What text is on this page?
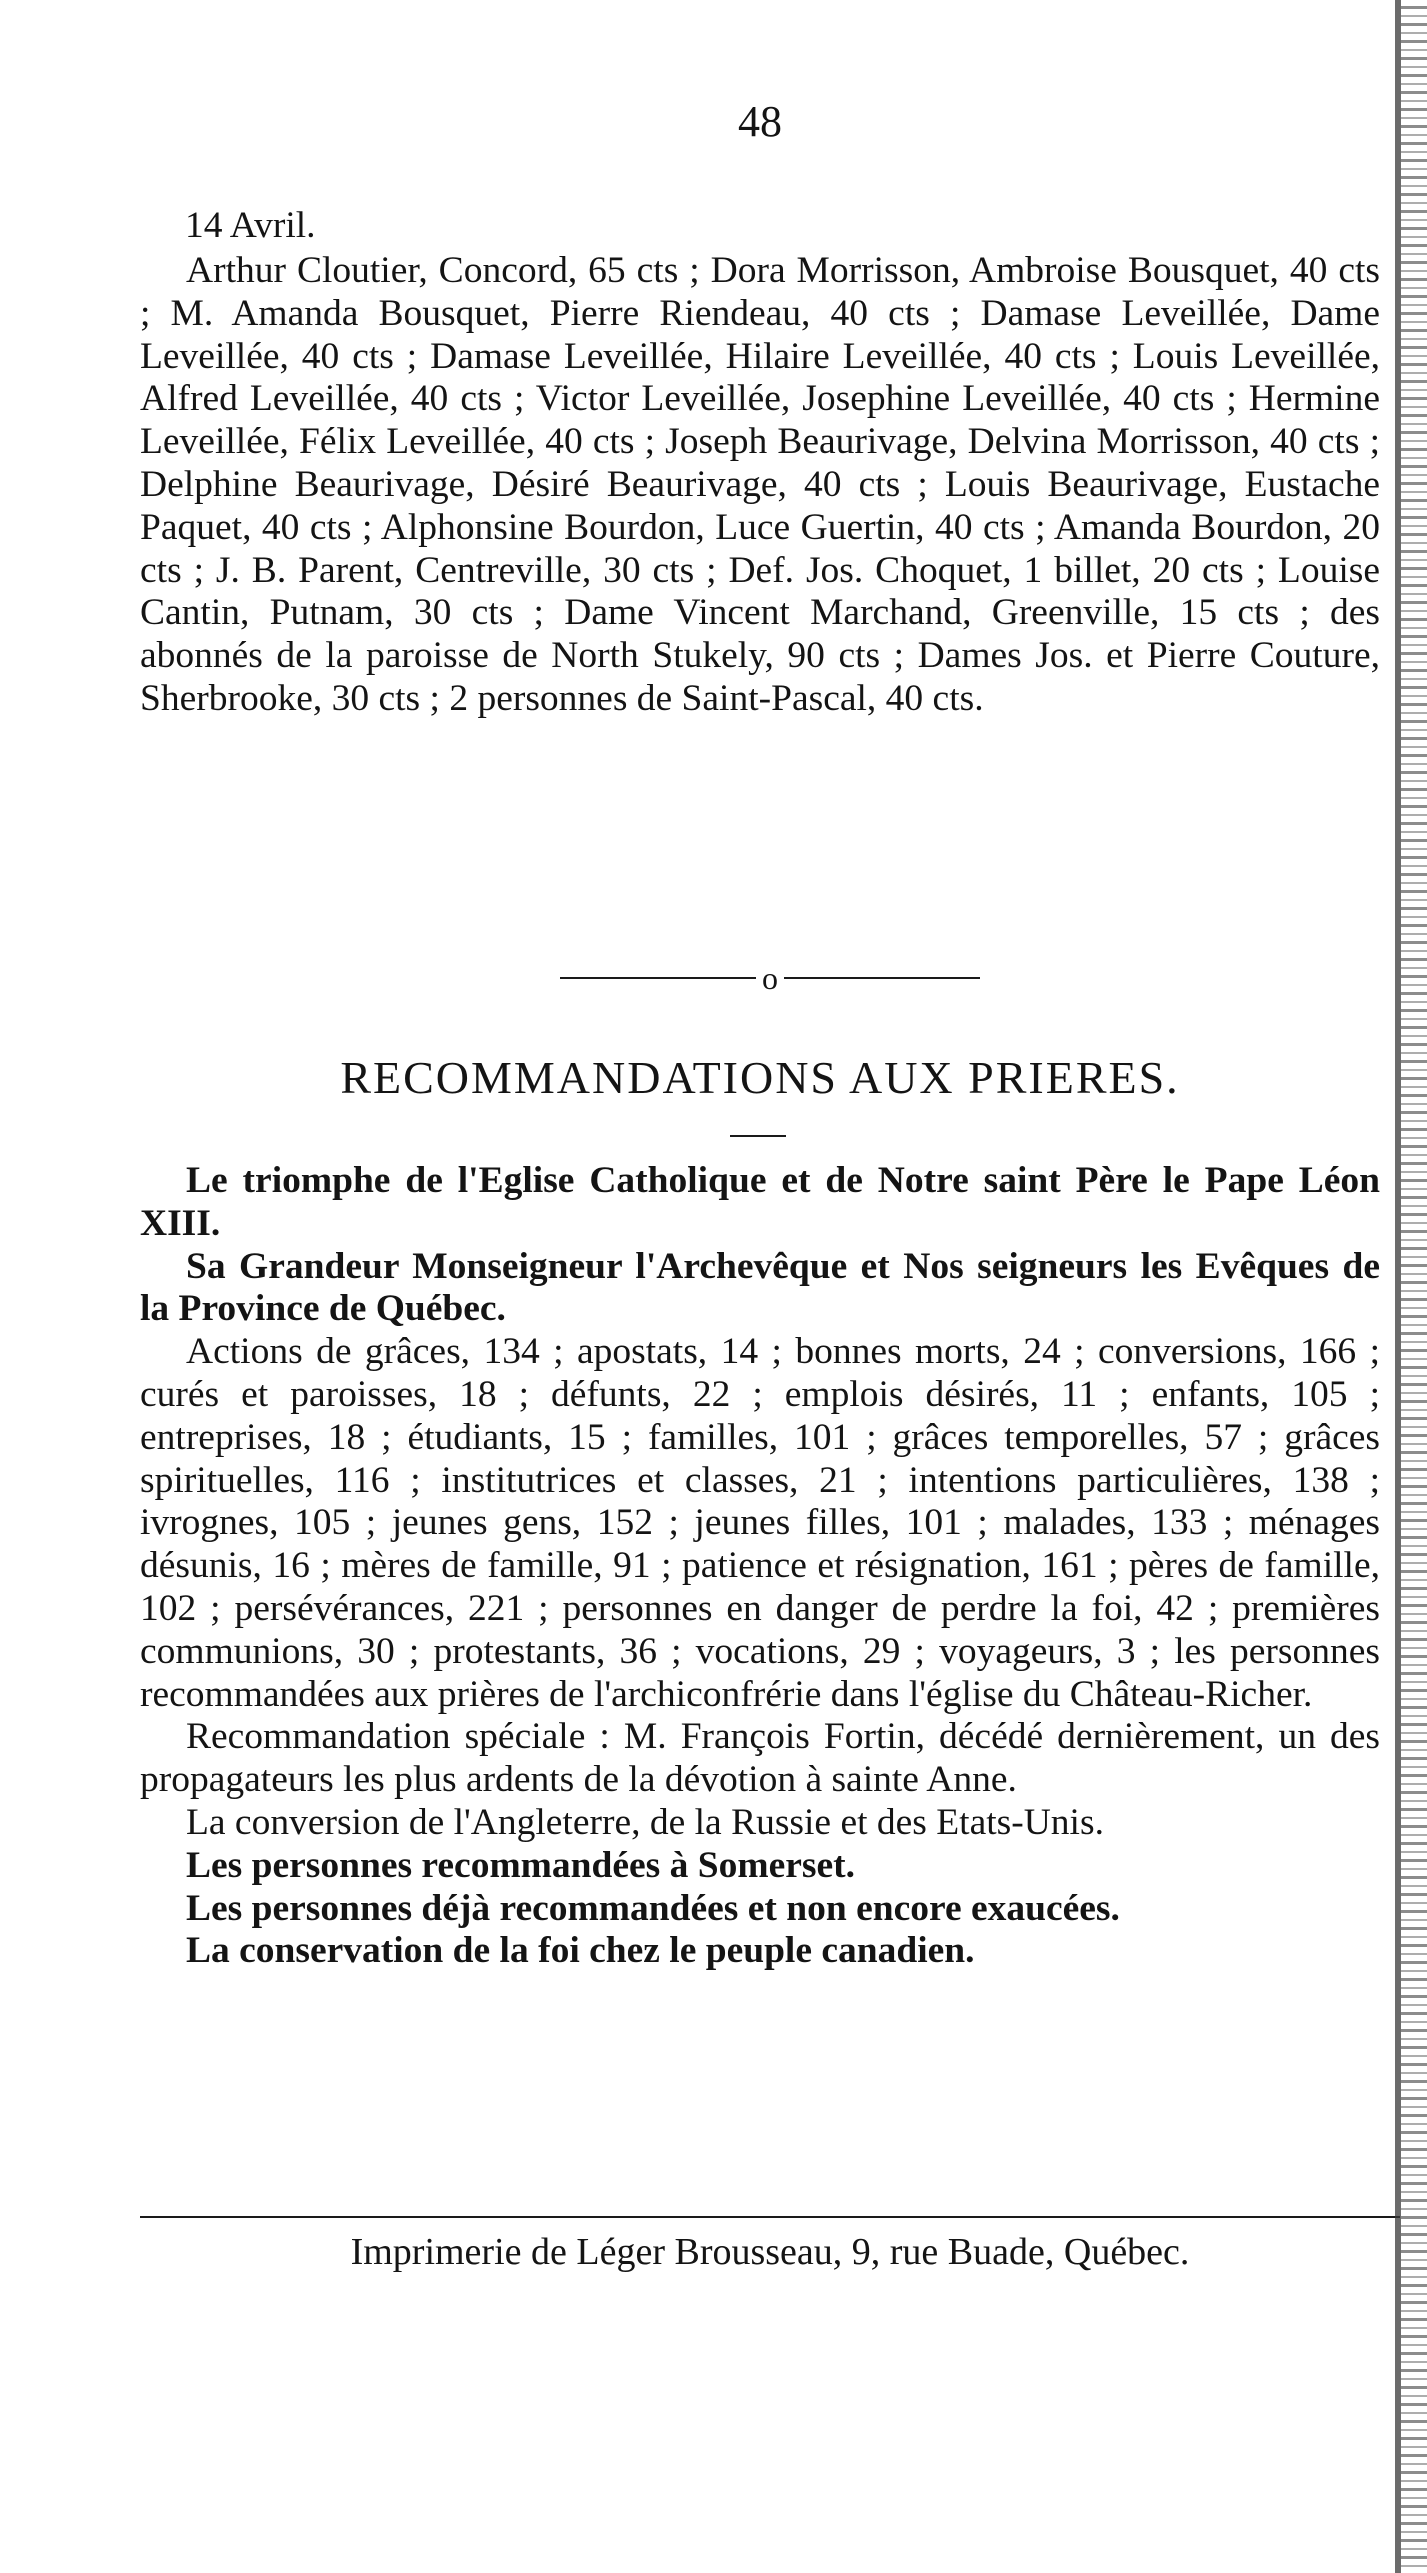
48
14 Avril.

Arthur Cloutier, Concord, 65 cts ; Dora Morrisson, Ambroise Bousquet, 40 cts ; M. Amanda Bousquet, Pierre Riendeau, 40 cts ; Damase Leveillée, Dame Leveillée, 40 cts ; Damase Leveillée, Hilaire Leveillée, 40 cts ; Louis Leveillée, Alfred Leveillée, 40 cts ; Victor Leveillée, Josephine Leveillée, 40 cts ; Hermine Leveillée, Félix Leveillée, 40 cts ; Joseph Beaurivage, Delvina Morrisson, 40 cts ; Delphine Beaurivage, Désiré Beaurivage, 40 cts ; Louis Beaurivage, Eustache Paquet, 40 cts ; Alphonsine Bourdon, Luce Guertin, 40 cts ; Amanda Bourdon, 20 cts ; J. B. Parent, Centreville, 30 cts ; Def. Jos. Choquet, 1 billet, 20 cts ; Louise Cantin, Putnam, 30 cts ; Dame Vincent Marchand, Greenville, 15 cts ; des abonnés de la paroisse de North Stukely, 90 cts ; Dames Jos. et Pierre Couture, Sherbrooke, 30 cts ; 2 personnes de Saint-Pascal, 40 cts.

o
RECOMMANDATIONS AUX PRIERES.

Le triomphe de l'Eglise Catholique et de Notre saint Père le Pape Léon XIII.

Sa Grandeur Monseigneur l'Archevêque et Nos seigneurs les Evêques de la Province de Québec.

Actions de grâces, 134 ; apostats, 14 ; bonnes morts, 24 ; conversions, 166 ; curés et paroisses, 18 ; défunts, 22 ; emplois désirés, 11 ; enfants, 105 ; entreprises, 18 ; étudiants, 15 ; familles, 101 ; grâces temporelles, 57 ; grâces spirituelles, 116 ; institutrices et classes, 21 ; intentions particulières, 138 ; ivrognes, 105 ; jeunes gens, 152 ; jeunes filles, 101 ; malades, 133 ; ménages désunis, 16 ; mères de famille, 91 ; patience et résignation, 161 ; pères de famille, 102 ; persévérances, 221 ; personnes en danger de perdre la foi, 42 ; premières communions, 30 ; protestants, 36 ; vocations, 29 ; voyageurs, 3 ; les personnes recommandées aux prières de l'archiconfrérie dans l'église du Château-Richer.

Recommandation spéciale : M. François Fortin, décédé dernièrement, un des propagateurs les plus ardents de la dévotion à sainte Anne.

La conversion de l'Angleterre, de la Russie et des Etats-Unis.

Les personnes recommandées à Somerset.

Les personnes déjà recommandées et non encore exaucées.

La conservation de la foi chez le peuple canadien.

Imprimerie de Léger Brousseau, 9, rue Buade, Québec.
